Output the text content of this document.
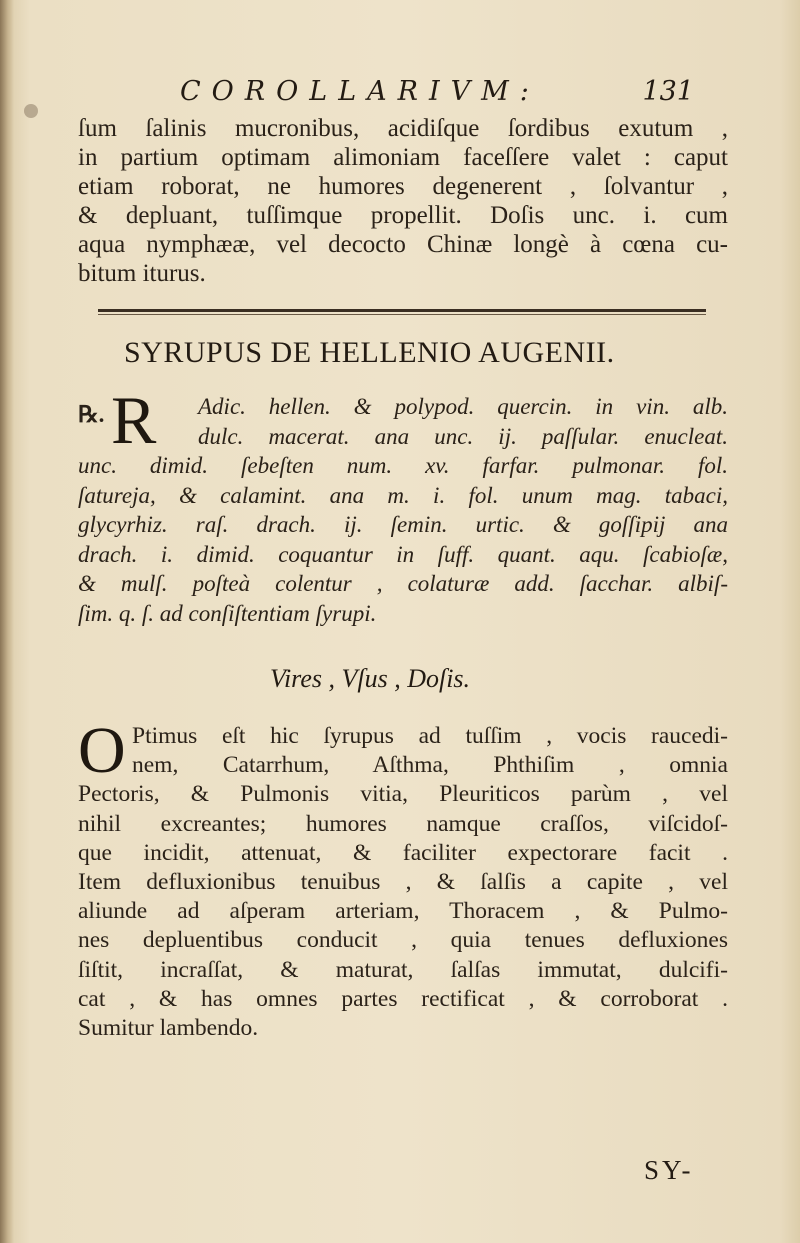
COROLLARIVM:	131
ſum ſalinis mucronibus, acidiſque ſordibus exutum ,
in partium optimam alimoniam faceſſere valet : caput
etiam roborat, ne humores degenerent , ſolvantur ,
& depluant, tuſſimque propellit. Doſis unc. i. cum
aqua nymphææ, vel decocto Chinæ longè à cœna cu-
bitum iturus.
SYRUPUS DE HELLENIO AUGENII.
℞. R	Adic. hellen. & polypod. quercin. in vin. alb.
dulc. macerat. ana unc. ij. paſſular. enucleat.
unc. dimid. ſebeſten num. xv. farfar. pulmonar. fol.
ſatureja, & calamint. ana m. i. fol. unum mag. tabaci,
glycyrhiz. raſ. drach. ij. ſemin. urtic. & goſſipij ana
drach. i. dimid. coquantur in ſuff. quant. aqu. ſcabioſæ,
& mulſ. poſteà colentur , colaturæ add. ſacchar. albiſ-
ſim. q. ſ. ad conſiſtentiam ſyrupi.
Vires , Vſus , Doſis.
O Ptimus eſt hic ſyrupus ad tuſſim , vocis raucedi-
nem, Catarrhum, Aſthma, Phthiſim , omnia
Pectoris, & Pulmonis vitia, Pleuriticos parùm , vel
nihil excreantes; humores namque craſſos, viſcidoſ-
que incidit, attenuat, & faciliter expectorare facit .
Item defluxionibus tenuibus , & ſalſis a capite , vel
aliunde ad aſperam arteriam, Thoracem , & Pulmo-
nes depluentibus conducit , quia tenues defluxiones
ſiſtit, incraſſat, & maturat, ſalſas immutat, dulcifi-
cat , & has omnes partes rectificat , & corroborat .
Sumitur lambendo.
SY-
